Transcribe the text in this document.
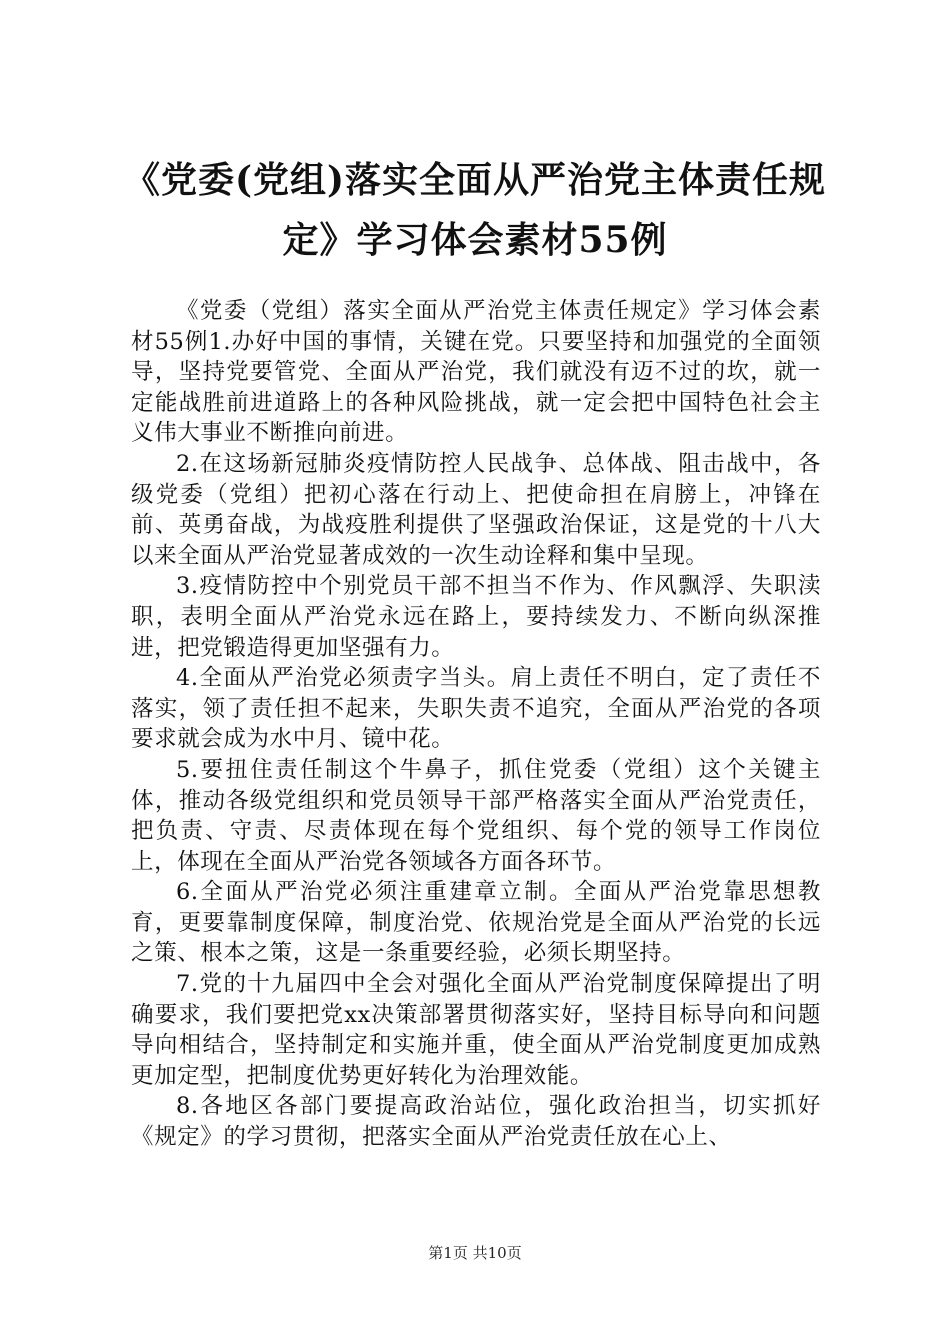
《党委(党组)落实全面从严治党主体责任规
定》学习体会素材55例

《党委（党组）落实全面从严治党主体责任规定》学习体会素材55例1.办好中国的事情，关键在党。只要坚持和加强党的全面领导，坚持党要管党、全面从严治党，我们就没有迈不过的坎，就一定能战胜前进道路上的各种风险挑战，就一定会把中国特色社会主义伟大事业不断推向前进。

2.在这场新冠肺炎疫情防控人民战争、总体战、阻击战中，各级党委（党组）把初心落在行动上、把使命担在肩膀上，冲锋在前、英勇奋战，为战疫胜利提供了坚强政治保证，这是党的十八大以来全面从严治党显著成效的一次生动诠释和集中呈现。

3.疫情防控中个别党员干部不担当不作为、作风飘浮、失职渎职，表明全面从严治党永远在路上，要持续发力、不断向纵深推进，把党锻造得更加坚强有力。

4.全面从严治党必须责字当头。肩上责任不明白，定了责任不落实，领了责任担不起来，失职失责不追究，全面从严治党的各项要求就会成为水中月、镜中花。

5.要扭住责任制这个牛鼻子，抓住党委（党组）这个关键主体，推动各级党组织和党员领导干部严格落实全面从严治党责任，把负责、守责、尽责体现在每个党组织、每个党的领导工作岗位上，体现在全面从严治党各领域各方面各环节。

6.全面从严治党必须注重建章立制。全面从严治党靠思想教育，更要靠制度保障，制度治党、依规治党是全面从严治党的长远之策、根本之策，这是一条重要经验，必须长期坚持。

7.党的十九届四中全会对强化全面从严治党制度保障提出了明确要求，我们要把党xx决策部署贯彻落实好，坚持目标导向和问题导向相结合，坚持制定和实施并重，使全面从严治党制度更加成熟更加定型，把制度优势更好转化为治理效能。

8.各地区各部门要提高政治站位，强化政治担当，切实抓好《规定》的学习贯彻，把落实全面从严治党责任放在心上、

第1页 共10页
